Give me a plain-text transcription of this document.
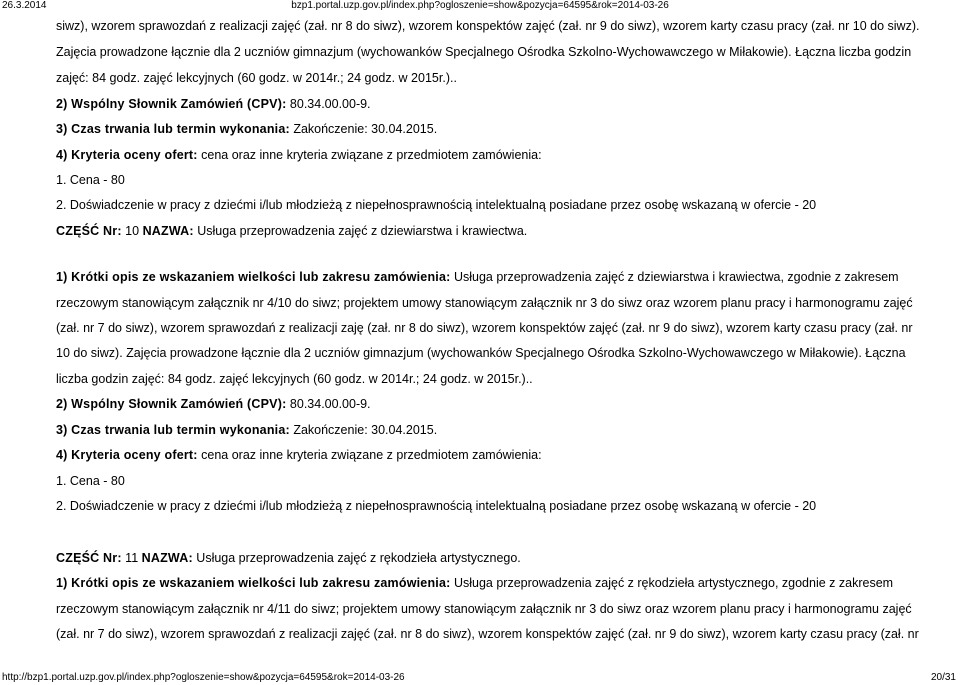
26.3.2014	bzp1.portal.uzp.gov.pl/index.php?ogloszenie=show&pozycja=64595&rok=2014-03-26
siwz), wzorem sprawozdań z realizacji zajęć (zał. nr 8 do siwz), wzorem konspektów zajęć (zał. nr 9 do siwz), wzorem karty czasu pracy (zał. nr 10 do siwz).
Zajęcia prowadzone łącznie dla 2 uczniów gimnazjum (wychowanków Specjalnego Ośrodka Szkolno-Wychowawczego w Miłakowie). Łączna liczba godzin
zajęć: 84 godz. zajęć lekcyjnych (60 godz. w 2014r.; 24 godz. w 2015r.)..
2) Wspólny Słownik Zamówień (CPV): 80.34.00.00-9.
3) Czas trwania lub termin wykonania: Zakończenie: 30.04.2015.
4) Kryteria oceny ofert: cena oraz inne kryteria związane z przedmiotem zamówienia:
1. Cena - 80
2. Doświadczenie w pracy z dziećmi i/lub młodzieżą z niepełnosprawnością intelektualną posiadane przez osobę wskazaną w ofercie - 20
CZĘŚĆ Nr: 10 NAZWA: Usługa przeprowadzenia zajęć z dziewiarstwa i krawiectwa.
1) Krótki opis ze wskazaniem wielkości lub zakresu zamówienia: Usługa przeprowadzenia zajęć z dziewiarstwa i krawiectwa, zgodnie z zakresem
rzeczowym stanowiącym załącznik nr 4/10 do siwz; projektem umowy stanowiącym załącznik nr 3 do siwz oraz wzorem planu pracy i harmonogramu zajęć
(zał. nr 7 do siwz), wzorem sprawozdań z realizacji zaję (zał. nr 8 do siwz), wzorem konspektów zajęć (zał. nr 9 do siwz), wzorem karty czasu pracy (zał. nr
10 do siwz). Zajęcia prowadzone łącznie dla 2 uczniów gimnazjum (wychowanków Specjalnego Ośrodka Szkolno-Wychowawczego w Miłakowie). Łączna
liczba godzin zajęć: 84 godz. zajęć lekcyjnych (60 godz. w 2014r.; 24 godz. w 2015r.)..
2) Wspólny Słownik Zamówień (CPV): 80.34.00.00-9.
3) Czas trwania lub termin wykonania: Zakończenie: 30.04.2015.
4) Kryteria oceny ofert: cena oraz inne kryteria związane z przedmiotem zamówienia:
1. Cena - 80
2. Doświadczenie w pracy z dziećmi i/lub młodzieżą z niepełnosprawnością intelektualną posiadane przez osobę wskazaną w ofercie - 20
CZĘŚĆ Nr: 11 NAZWA: Usługa przeprowadzenia zajęć z rękodzieła artystycznego.
1) Krótki opis ze wskazaniem wielkości lub zakresu zamówienia: Usługa przeprowadzenia zajęć z rękodzieła artystycznego, zgodnie z zakresem
rzeczowym stanowiącym załącznik nr 4/11 do siwz; projektem umowy stanowiącym załącznik nr 3 do siwz oraz wzorem planu pracy i harmonogramu zajęć
(zał. nr 7 do siwz), wzorem sprawozdań z realizacji zajęć (zał. nr 8 do siwz), wzorem konspektów zajęć (zał. nr 9 do siwz), wzorem karty czasu pracy (zał. nr
http://bzp1.portal.uzp.gov.pl/index.php?ogloszenie=show&pozycja=64595&rok=2014-03-26	20/31
